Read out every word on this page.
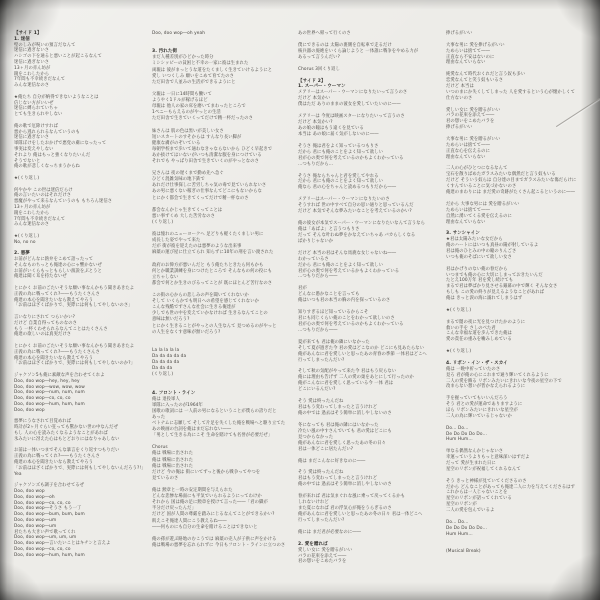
【サイド 1】
1. 迷信
壁のしみが呪いの預言だなんて
迷信に過ぎないさ
ハシゴの下を通ると悪いことが起こるなんて
迷信に過ぎないさ
13ヶ月の赤ん坊が
鏡をこわしたから
7年間も不幸続きだなんて
みんな迷信なのさ
★俺たち 自分が納得できないようなことは
信じない方がいいぜ
迷信に縛られていちゃ
とても生きられやしない
俺の歌で厄除けすれば
悪から逃れられるなんていうのも
迷信に過ぎないさ
軍隊ぼけをしたおかげで悪党の虜になったって
事実は変えやしない
それより 俺はもっと強くなりたいんだ
そうでないと
俺の歌が悲しくなっちまうからね
★(くり返し)
何やかや この世は迷信だらけ
俺の言いたいのはそれだけさ
悪魔がやって来るなんていうのも もちろん迷信さ
13ヶ月の赤ん坊が
鏡をこわしたから
7年間も不幸続きだなんて
みんな迷信なのさ
★(くり返し)
No, no no
2. 悪夢
お前がどんなに熱弁をこめて語ったって
そんなものちっとも俺達の心にゃ響かないぜ
お前がいくらもっともらしい演説をぶとうと
俺達は聞く耳を持たないぜ
とにかく お前のごたいそうな願い事なんかもう聞きあきたよ
正義の為に戦ってくれ?――もうたくさんさ
俺達の本心を聞きたいなら教えてやろう
「お前はほざくばかりで、実際には何もしてやしないのさ」
言いなりにされて つらいかい?
だけど 自業自得ってものなのさ
もう 一杯くわせられるなんてことはたくさんさ
俺達の欲しいのは真実だけさ
とにかく お前のごたいそうな願い事なんかもう聞きあきたよ
正義の為に戦ってくれ?――もうたくさんさ
俺達の本心を聞きたいなら教えてやろう
「お前はほざくばかりで、実際には何もしてやしないのか?」
ジャクソン5も俺に素敵な声を合わせてくれよ
Doo, doo wop―hey, hey, hey
Doo, doo wop―wow, wow, wow
Doo, doo wop―num, num, num
Doo, doo wop―co, co, co
Doo, doo wop―hum, hum, hum
Doo, doo wop
悪夢にうなされて目覚めれば
時計が2ヶ月ぐらい狂っても驚かない世の中なんだぜ
もし 人の心を読みたくなるようなことがあれば
氷みたいに冴えた心はもとどおりにはなりゃあしない
お前は一体いつまでそんな暴言をくり返すつもりだい
正義の為に戦ってくれ?――もうたくさんさ
俺達の本心を聞きたいなら教えてやろう
「お前はほざくばかりで、実際には何もしてやしないんだろう?!」
Yea
ジャクソンズも調子を合わせてるぜ
Doo, doo wop
Doo, doo wop―oh
Doo, doo wop―co, co, co
Doo, doo wop―そうさ もう一丁
Doo, doo wop―bum, bum, bum
Doo, doo wop―um
Doo, doo wop―um
君たちも大きい声で歌ってくれ
Doo, doo wop―um, um, um
Doo, doo wop―言いたいことはキチンと言えよ
Doo, doo wop―co, co, co
Doo, doo wop―hum, hum, hum
Doo, doo wop―oh yeah
3. 汚れた街
まだ人種差別がひどかった時分
ミシシッピーの貧困と不幸の一家に彼は生まれた
両親は 彼がまっとうな道をたくましく生きていけるようにと
愛し いつくしみ 願いをこめて育てたのさ
ただ田舎で人並みの生活ができるようにと
父親は 一日に14時間も働いて
ようやく1ドルが稼げるほど
母親は 他人の家の床を磨いてまわったところで
1ペニーもらえるのがやっとの生活
ただ田舎で生きていくってだけで精一杯だったのさ
妹さんは 肌の色は黒いが美しい女さ
短いスカートのすそからは すんなり長い脚が
健康な膚がのぞいている
毎朝学校まで歩いて通わなきゃならないから ひどく早起きで
あか抜けてはいないがいつも清潔な服を身につけている
それでも やっぱり田舎で生きていくのがやっとなのさ
兄さんは 夜の遅くまで勤め先へ急ぐ
ひどく混雑気味の地下鉄で
あれだけ仕事探しに苦労しちゃ気の毒で見ていられないさ
あの男に悪くない稼ぎの仕事なんてどこにもないからな
とにかく都会で生きてくってだけで精一杯なのさ
都会なんかじゃ生きてくってことは
悪い事ずくめ 大した苦労なのさ
(くり返し)
彼は憧れのニューヨークへ 足どりも軽くたくましい男に
成長した姿でやって来た
だが 街が彼を迎えたのは悪夢のような出来事
麻薬の運び屋に仕立てられ 知らずに10年の刑を言い渡された
政府のお偉方が悪いんだと もう俺たちときたら何もかも
何とか職業訓練を身につけたところで そんなもの何の役にも
立ちゃしない
都会で何とか生きのびるってことが 既にほとんど苦行なのさ
この街の心からの悲しみの声を聞いてくれないか
そして いくらかでも明日への希望を感じてくれないか
こんな残酷でずさんな社会に生きる俺達が
少しでも世の中を変えていかなければ 生きるなんてことの
意味は無いだろう?
とにかく生きることがやっとの人生なんて 見つめるのがやっと
の人生をなくす意味が無いだろう?
La la la la la
Da da da da da
Da da da da
Da da da
(くり返し)
4. フロント・ライン
俺は 退役軍人
軍隊に入ったのが1964年
国歌の歌詞には 一人前の男になるということが僕らの誇りだと
あった
ベトナムに志願して そして片足を失くした俺を戦場へと駆り立てた
あの映画の台詞を俺はまだ忘れない――
「男として生きる為にこそ 生命を賭けても名誉が必要だぜ」
Chorus
俺は 戦場に出された
俺は 戦場に出された
俺は 戦場に出された
だけど 今の俺は 街にいてずっと後から戦争ってやつを
見ているのさ
俺は 勲章と一時の安定期間を与えられた
どんな悲惨な場面にも平気でいられるようにってわけか
それから 国は俺の足に勲章を授けて言った――「君の脚が
半分だけ戻ったんだ」
だけど 国が人間の尊厳を踏みにじるなんてことができるかい?
飢えこそ俺達人間にこう教えるね――
――何ものにも自分の生命を賭けることはできないと
俺の孫が遊ぶ路地のむこうでは 麻薬の売人が子供に声をかける
俺は戦場の悪夢を忘れられずに 今日もフロント・ラインに立つのさ
あの世界へ帰って行くのさ
僕にできるのは 太陽の裏側を自転車で走るだけ
核兵器の廃絶をいくら論じようと 一体誰に戦争をやめる力が
あるって言うんだい?
Chorus 3回くり返し
【サイド 2】
1. スーパー・ウーマン
メアリーはスーパー・ウーマンになりたいって言うのさ
だけど 本気かい
僕はただ ありのままの彼女を愛していたいのに――
メアリーは 今度は映画スターになりたいって言うのさ
だけど 本気かい?
あの娘の瞳はもう遠くを見ている
本当は あの娘に届く気がしないのに――
そうさ 俺は君をよく知っているつもりさ
だから 君にも俺のことをよく知って欲しい
君が心の奥で何を考えているのかもよくわかっている
…つもりだから…
そうさ 俺ならちゃんと君を愛してやれる
だから 君にも俺のことをよく知って欲しい
俺なら 君の心をちゃんと読めるつもりだから――
メアリーはスーパー・ウーマンになりたいのさ
そうすれば 世の中すべて自分の思い通りと思っているんだ
だけど 本気でそんな夢みたいなことを考えているのかい?
俺の彼女が本気でスーパー・ウーマンになりたいなんて言うなら
俺は「あばよ」と言うつもりさ
だって そんな叶わぬ夢をかなえていちゃあ バカらしくなる
ばかりじゃないか
だけど 本当の君はそんな馬鹿な女じゃないね――
わかっているさ
だから 君にも俺のことをよく知って欲しい
君が心の奥で何を考えているかもよくわかっている
…つもりだから――
君が
どんなに愚かなことを言っても
俺はいつも君の本当の胸の内を探っているのさ
知りすぎるほど知っているからこそ
君にも同じくらい俺のことをわかって欲しいのさ
君が心の奥で何を考えているのかもよくわかっている
…つもりだから――
夏が来ても 君は俺の隣にいなかった
そして夏が過ぎた今 君の愛はどこなのか どこにも見あたらない
俺があんなに君を愛しいと思ったあの青春の季節 一体君はどこへ
行ってしまったんだい?
そして秋の気配がやって来た今 君はもう戻らない
俺には理由も告げず 二人の愛の巣をあとにして行ったのか
俺がこんなに君を愛しく思っている今 一体 君は
どこにいるんだい?
そう 愛は終ったんだね
君はもう変わってしまったと言うけれど
俺の中では 過去はそう簡単に消しやしないのさ
冬になっても 君は俺の隣にはいなかった
冷たい風の中すさんでいても 君の愛はどこにも
見つからなかった
俺があんなに君を愛しく思ったあの冬の日々
君は一体どこに居たんだい?
俺は まだこんなに好きなのに――
そう 愛は終ったんだね
君はもう変わってしまったと言うけれど
俺の中では 過去はそう簡単に消しやしないのさ
春が来れば 君は気まぐれな風に乗って戻ってくるかも
しれないけれど
また夏になれば 君の浮気心が俺をうらぎるのさ
俺があんなに君を愛しいと思ったあの冬の日々 君は一体どこへ
行ってしまったんだい?
俺には まだ君が必要なのに――
2. 愛を贈れば
愛しい女に 愛を贈るがいい
バラの花束を添えて――
君の想いをこめたバラを
捧げるがいい
大事な男に 愛を捧げるがいい
ためらいは捨てて――
正直なら不安はないのに
理由なんていらない
純愛なんて時代おくれだと言う奴も多い
恋愛なんてと笑う奴もいるさ
だけど 本当は
いつのまにか失くしてしまった 人を愛するという心が懐かしくて
仕方ないのさ
愛しい女に 愛を贈るがいい
バラの花束を添えて――
君の想いをこめたバラを
捧げるがいい
大事な男に 愛を贈るがいい
ためらいは捨てて――
正直な心を伝えるのに
理由なんていらない
二人の心がひとつになるなんて
宝石を散りばめたガラスみたいな偶然だと言う奴もいる
だけど そういう奴らは 自分達の目までガラスみたいな傷だらけに
くすんでいることに気づかないのさ
俺達のまわりには まだ愛の奇跡がたくさん起こるというのに――
だから 大事な男には 愛を贈るがいい
ためらいは捨てて――
自然に湧いてくる愛を伝えるのに
理由なんていらない
3. サンシャイン
★君は太陽みたいな女だから
俺のハートにはいつも真昼の陽が射しているよ
君は俺のひとみの中の瞳のりんごさ
いつも俺のそばにいて欲しい女さ
君はかげりのない俺の春だから
いつまでも俺の心に大切にしまっておきたいんだ
たとえ100万年 君を愛し続けても
まるで君は夢ばかり見させる銀幕の中で輝く そんな女さ
もしも この愛の終りが見えるようなことがあれば
俺は きっと涙の海に溺れてしまうはず
★(くり返し)
まるで闇の夜に光を見つけたかのように
救いの手を さしのべた君
こんな幸福な道を歩んできた俺は
愛の責任の重みを噛みしめている
★(くり返し)
4. リボン・イン・ザ・スカイ
俺は 一晩中祈っていたのさ
見ろ 君が俺の心にこれまで通り輝いてくれるように
二人の愛を飾る リボンみたいにきれいな今夜の星空の下で
改まらない想いが皆かなえられるように
手を握っていてもいいんだろう
そう 君との愛が運命でありますように
ほら リボンみたいにきれいな星空が
二人の為に輝いているじゃないか
Do… Do…
De Do Do Do Do…
Hum Hum…
単なる偶然なんかじゃないさ
幸運っていうよりもっと意味深いはずだよ
だって 愛が生まれた日に
星空のリボンが祝福してくれるなんて
そう きっと神様が見ていてくださるのさ
だから どんなことがあっても俺達二人に力を与えてくださるはず
これからは一人じゃないことを
星空のリボンが語ってくれている
星空のリボンが
二人の愛を包んでいるよ
Do… Do…
De Do Do Do Do…
Hum Hum…
(Musical Break)
